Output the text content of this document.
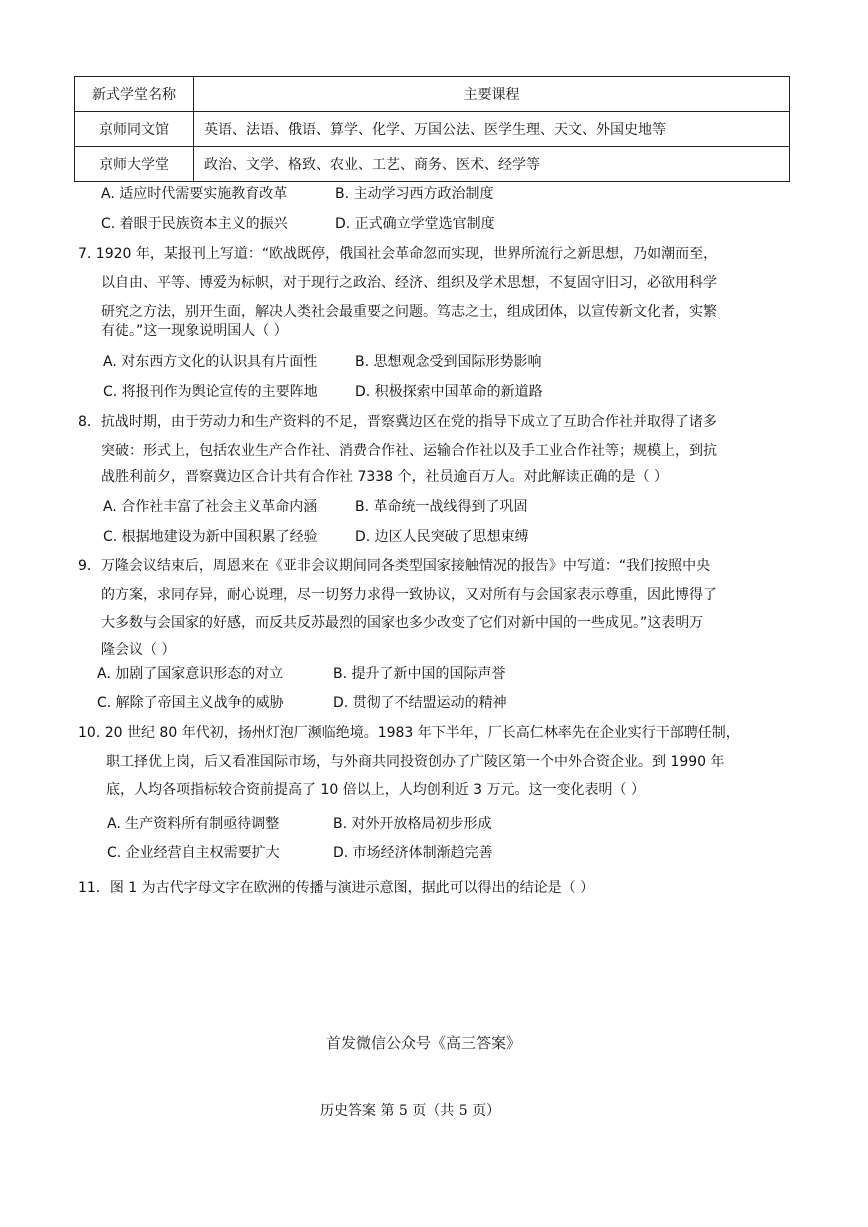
新式学堂名称	主要课程
京师同文馆	英语、法语、俄语、算学、化学、万国公法、医学生理、天文、外国史地等
京师大学堂	政治、文学、格致、农业、工艺、商务、医术、经学等
A. 适应时代需要实施教育改革	B. 主动学习西方政治制度
C. 着眼于民族资本主义的振兴	D. 正式确立学堂选官制度
7. 1920 年，某报刊上写道：“欧战既停，俄国社会革命忽而实现，世界所流行之新思想，乃如潮而至，
以自由、平等、博爱为标帜，对于现行之政治、经济、组织及学术思想，不复固守旧习，必欲用科学
研究之方法，别开生面，解决人类社会最重要之问题。笃志之士，组成团体，以宣传新文化者，实繁
有徒。”这一现象说明国人（ ）
A. 对东西方文化的认识具有片面性	B. 思想观念受到国际形势影响
C. 将报刊作为舆论宣传的主要阵地	D. 积极探索中国革命的新道路
8．抗战时期，由于劳动力和生产资料的不足，晋察冀边区在党的指导下成立了互助合作社并取得了诸多
突破：形式上，包括农业生产合作社、消费合作社、运输合作社以及手工业合作社等；规模上，到抗
战胜利前夕，晋察冀边区合计共有合作社 7338 个，社员逾百万人。对此解读正确的是（ ）
A. 合作社丰富了社会主义革命内涵	B. 革命统一战线得到了巩固
C. 根据地建设为新中国积累了经验	D. 边区人民突破了思想束缚
9．万隆会议结束后，周恩来在《亚非会议期间同各类型国家接触情况的报告》中写道：“我们按照中央
的方案，求同存异，耐心说理，尽一切努力求得一致协议，又对所有与会国家表示尊重，因此博得了
大多数与会国家的好感，而反共反苏最烈的国家也多少改变了它们对新中国的一些成见。”这表明万
隆会议（ ）
A. 加剧了国家意识形态的对立	B. 提升了新中国的国际声誉
C. 解除了帝国主义战争的威胁	D. 贯彻了不结盟运动的精神
10. 20 世纪 80 年代初，扬州灯泡厂濒临绝境。1983 年下半年，厂长高仁林率先在企业实行干部聘任制，
职工择优上岗，后又看准国际市场，与外商共同投资创办了广陵区第一个中外合资企业。到 1990 年
底，人均各项指标较合资前提高了 10 倍以上，人均创利近 3 万元。这一变化表明（ ）
A. 生产资料所有制亟待调整	B. 对外开放格局初步形成
C. 企业经营自主权需要扩大	D. 市场经济体制渐趋完善
11．图 1 为古代字母文字在欧洲的传播与演进示意图，据此可以得出的结论是（ ）
首发微信公众号《高三答案》
历史答案 第 5 页（共 5 页）
